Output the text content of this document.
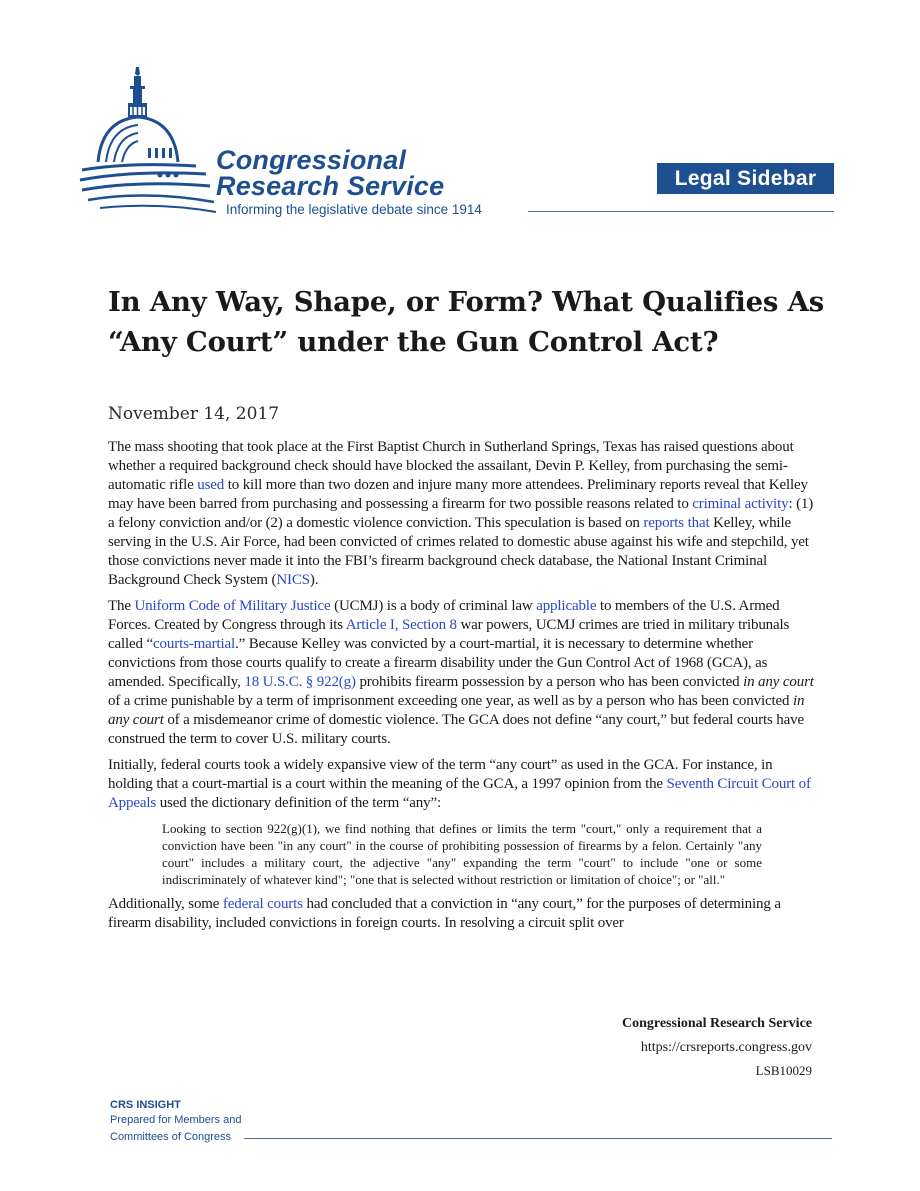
Congressional
Research Service
Informing the legislative debate since 1914
Legal Sidebar
In Any Way, Shape, or Form? What Qualifies As “Any Court” under the Gun Control Act?
November 14, 2017

The mass shooting that took place at the First Baptist Church in Sutherland Springs, Texas has raised questions about whether a required background check should have blocked the assailant, Devin P. Kelley, from purchasing the semi-automatic rifle used to kill more than two dozen and injure many more attendees. Preliminary reports reveal that Kelley may have been barred from purchasing and possessing a firearm for two possible reasons related to criminal activity: (1) a felony conviction and/or (2) a domestic violence conviction. This speculation is based on reports that Kelley, while serving in the U.S. Air Force, had been convicted of crimes related to domestic abuse against his wife and stepchild, yet those convictions never made it into the FBI’s firearm background check database, the National Instant Criminal Background Check System (NICS).

The Uniform Code of Military Justice (UCMJ) is a body of criminal law applicable to members of the U.S. Armed Forces. Created by Congress through its Article I, Section 8 war powers, UCMJ crimes are tried in military tribunals called “courts-martial.” Because Kelley was convicted by a court-martial, it is necessary to determine whether convictions from those courts qualify to create a firearm disability under the Gun Control Act of 1968 (GCA), as amended. Specifically, 18 U.S.C. § 922(g) prohibits firearm possession by a person who has been convicted in any court of a crime punishable by a term of imprisonment exceeding one year, as well as by a person who has been convicted in any court of a misdemeanor crime of domestic violence. The GCA does not define “any court,” but federal courts have construed the term to cover U.S. military courts.

Initially, federal courts took a widely expansive view of the term “any court” as used in the GCA. For instance, in holding that a court-martial is a court within the meaning of the GCA, a 1997 opinion from the Seventh Circuit Court of Appeals used the dictionary definition of the term “any”:

Looking to section 922(g)(1), we find nothing that defines or limits the term "court," only a requirement that a conviction have been "in any court" in the course of prohibiting possession of firearms by a felon. Certainly "any court" includes a military court, the adjective "any" expanding the term "court" to include "one or some indiscriminately of whatever kind"; "one that is selected without restriction or limitation of choice"; or "all."

Additionally, some federal courts had concluded that a conviction in “any court,” for the purposes of determining a firearm disability, included convictions in foreign courts. In resolving a circuit split over

Congressional Research Service
https://crsreports.congress.gov
LSB10029
CRS INSIGHT
Prepared for Members and
Committees of Congress
